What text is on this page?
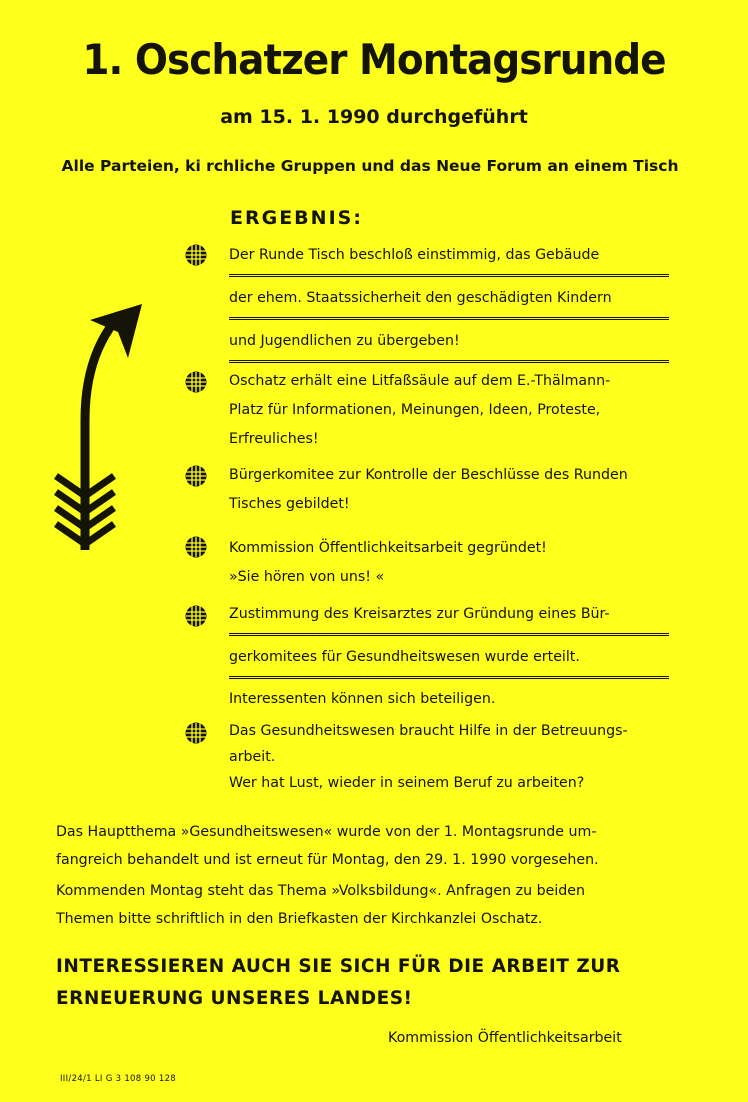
1. Oschatzer Montagsrunde
am 15. 1. 1990 durchgeführt
Alle Parteien, ki rchliche Gruppen und das Neue Forum an einem Tisch
ERGEBNIS:
Der Runde Tisch beschloß einstimmig, das Gebäude
der ehem. Staatssicherheit den geschädigten Kindern
und Jugendlichen zu übergeben!
Oschatz erhält eine Litfaßsäule auf dem E.-Thälmann-
Platz für Informationen, Meinungen, Ideen, Proteste,
Erfreuliches!
Bürgerkomitee zur Kontrolle der Beschlüsse des Runden
Tisches gebildet!
Kommission Öffentlichkeitsarbeit gegründet!
»Sie hören von uns! «
Zustimmung des Kreisarztes zur Gründung eines Bür-
gerkomitees für Gesundheitswesen wurde erteilt.
Interessenten können sich beteiligen.
Das Gesundheitswesen braucht Hilfe in der Betreuungs-
arbeit.
Wer hat Lust, wieder in seinem Beruf zu arbeiten?
Das Hauptthema »Gesundheitswesen« wurde von der 1. Montagsrunde um-
fangreich behandelt und ist erneut für Montag, den 29. 1. 1990 vorgesehen.
Kommenden Montag steht das Thema »Volksbildung«. Anfragen zu beiden
Themen bitte schriftlich in den Briefkasten der Kirchkanzlei Oschatz.
INTERESSIEREN AUCH SIE SICH FÜR DIE ARBEIT ZUR
ERNEUERUNG UNSERES LANDES!
Kommission Öffentlichkeitsarbeit
III/24/1 LI G 3 108 90 128
